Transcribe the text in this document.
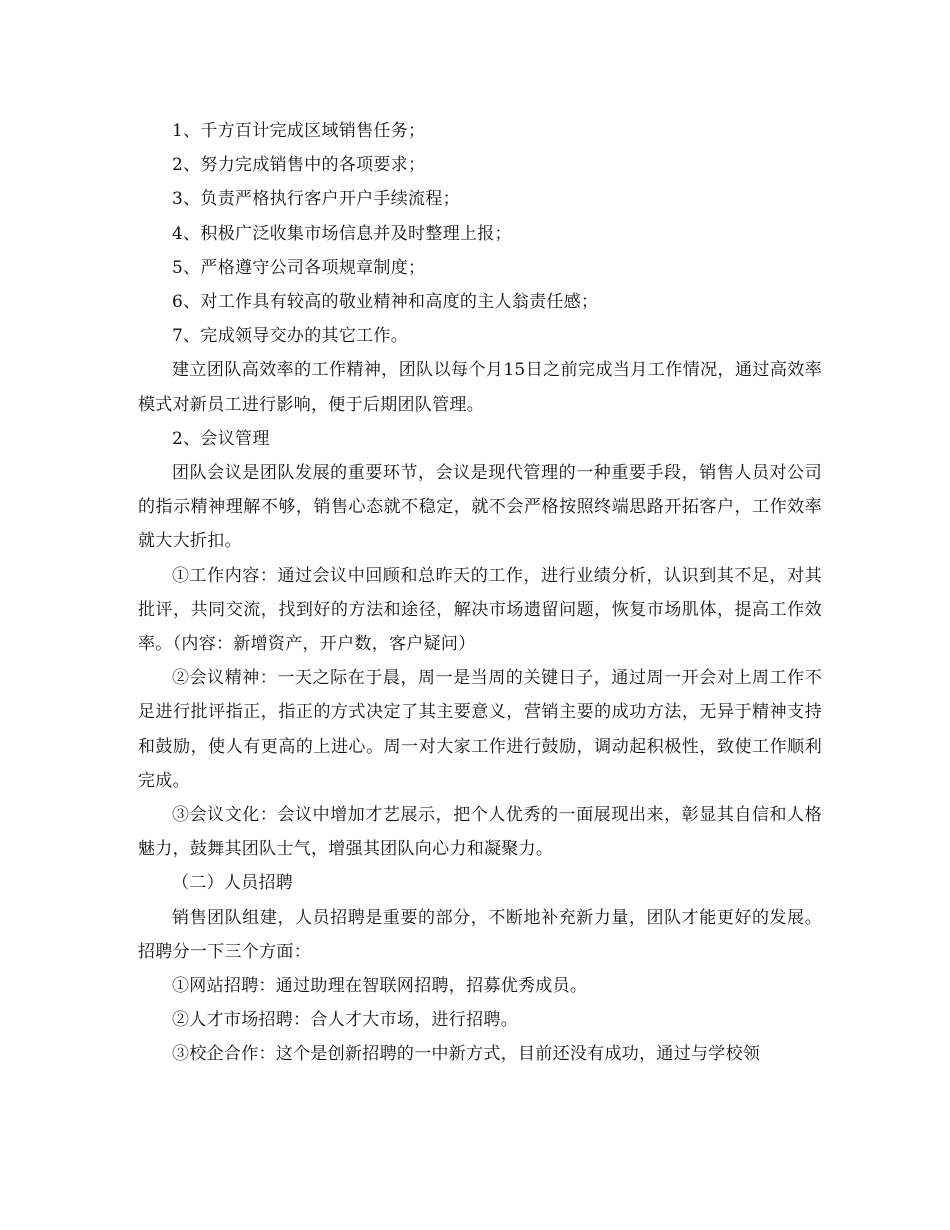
1、千方百计完成区域销售任务；

2、努力完成销售中的各项要求；

3、负责严格执行客户开户手续流程；

4、积极广泛收集市场信息并及时整理上报；

5、严格遵守公司各项规章制度；

6、对工作具有较高的敬业精神和高度的主人翁责任感；

7、完成领导交办的其它工作。

建立团队高效率的工作精神，团队以每个月15日之前完成当月工作情况，通过高效率模式对新员工进行影响，便于后期团队管理。

2、会议管理

团队会议是团队发展的重要环节，会议是现代管理的一种重要手段，销售人员对公司的指示精神理解不够，销售心态就不稳定，就不会严格按照终端思路开拓客户，工作效率就大大折扣。

①工作内容：通过会议中回顾和总昨天的工作，进行业绩分析，认识到其不足，对其批评，共同交流，找到好的方法和途径，解决市场遗留问题，恢复市场肌体，提高工作效率。（内容：新增资产，开户数，客户疑问）

②会议精神：一天之际在于晨，周一是当周的关键日子，通过周一开会对上周工作不足进行批评指正，指正的方式决定了其主要意义，营销主要的成功方法，无异于精神支持和鼓励，使人有更高的上进心。周一对大家工作进行鼓励，调动起积极性，致使工作顺利完成。

③会议文化：会议中增加才艺展示，把个人优秀的一面展现出来，彰显其自信和人格魅力，鼓舞其团队士气，增强其团队向心力和凝聚力。

（二）人员招聘

销售团队组建，人员招聘是重要的部分，不断地补充新力量，团队才能更好的发展。招聘分一下三个方面：

①网站招聘：通过助理在智联网招聘，招募优秀成员。

②人才市场招聘：合人才大市场，进行招聘。

③校企合作：这个是创新招聘的一中新方式，目前还没有成功，通过与学校领
